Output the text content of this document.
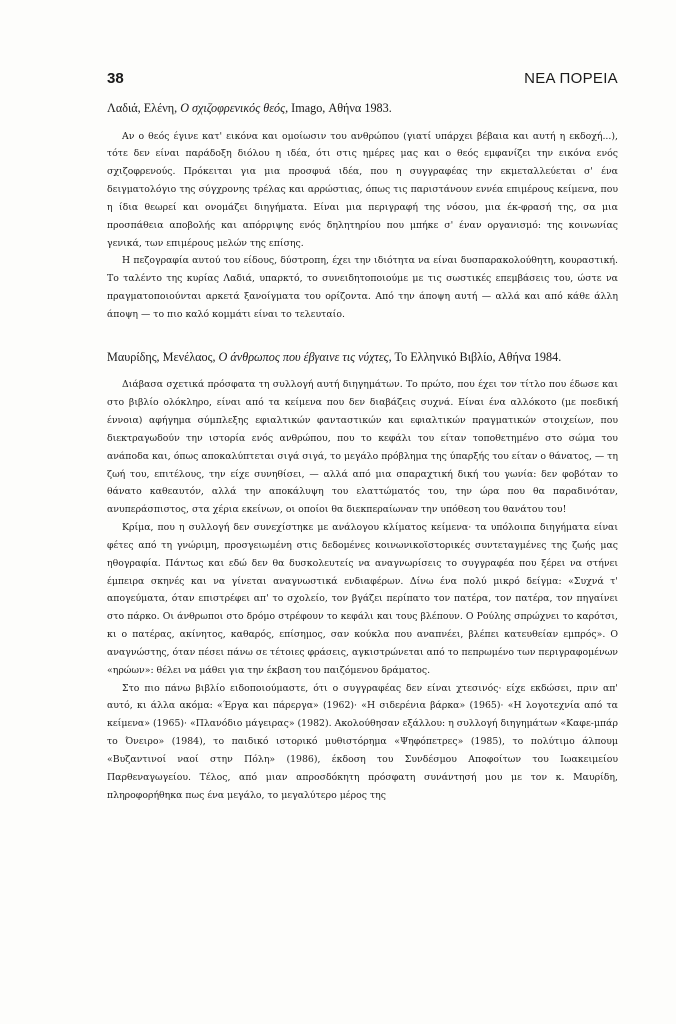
38	ΝΕΑ ΠΟΡΕΙΑ

Λαδιά, Ελένη, Ο σχιζοφρενικός θεός, Imago, Αθήνα 1983.

Αν ο θεός έγινε κατ' εικόνα και ομοίωσιν του ανθρώπου (γιατί υπάρχει βέβαια και αυτή η εκδοχή...), τότε δεν είναι παράδοξη διόλου η ιδέα, ότι στις ημέρες μας και ο θεός εμφανίζει την εικόνα ενός σχιζοφρενούς. Πρόκειται για μια προσφυά ιδέα, που η συγγραφέας την εκμεταλλεύεται σ' ένα δειγματολόγιο της σύγχρονης τρέλας και αρρώστιας, όπως τις παριστάνουν εννέα επιμέρους κείμενα, που η ίδια θεωρεί και ονομάζει διηγήματα. Είναι μια περιγραφή της νόσου, μια έκ-φρασή της, σα μια προσπάθεια αποβολής και απόρριψης ενός δηλητηρίου που μπήκε σ' έναν οργανισμό: της κοινωνίας γενικά, των επιμέρους μελών της επίσης.

Η πεζογραφία αυτού του είδους, δύστροπη, έχει την ιδιότητα να είναι δυσπαρακολούθητη, κουραστική. Το ταλέντο της κυρίας Λαδιά, υπαρκτό, το συνειδητοποιούμε με τις σωστικές επεμβάσεις του, ώστε να πραγματοποιούνται αρκετά ξανοίγματα του ορίζοντα. Από την άποψη αυτή — αλλά και από κάθε άλλη άποψη — το πιο καλό κομμάτι είναι το τελευταίο.

Μαυρίδης, Μενέλαος, Ο άνθρωπος που έβγαινε τις νύχτες, Το Ελληνικό Βιβλίο, Αθήνα 1984.

Διάβασα σχετικά πρόσφατα τη συλλογή αυτή διηγημάτων. Το πρώτο, που έχει τον τίτλο που έδωσε και στο βιβλίο ολόκληρο, είναι από τα κείμενα που δεν διαβάζεις συχνά. Είναι ένα αλλόκοτο (με ποεδική έννοια) αφήγημα σύμπλεξης εφιαλτικών φανταστικών και εφιαλτικών πραγματικών στοιχείων, που διεκτραγωδούν την ιστορία ενός ανθρώπου, που το κεφάλι του είταν τοποθετημένο στο σώμα του ανάποδα και, όπως αποκαλύπτεται σιγά σιγά, το μεγάλο πρόβλημα της ύπαρξής του είταν ο θάνατος, — τη ζωή του, επιτέλους, την είχε συνηθίσει, — αλλά από μια σπαραχτική δική του γωνία: δεν φοβόταν το θάνατο καθεαυτόν, αλλά την αποκάλυψη του ελαττώματός του, την ώρα που θα παραδινόταν, ανυπεράσπιστος, στα χέρια εκείνων, οι οποίοι θα διεκπεραίωναν την υπόθεση του θανάτου του!

Κρίμα, που η συλλογή δεν συνεχίστηκε με ανάλογου κλίματος κείμενα· τα υπόλοιπα διηγήματα είναι φέτες από τη γνώριμη, προσγειωμένη στις δεδομένες κοινωνικοϊστορικές συντεταγμένες της ζωής μας ηθογραφία. Πάντως και εδώ δεν θα δυσκολευτείς να αναγνωρίσεις το συγγραφέα που ξέρει να στήνει έμπειρα σκηνές και να γίνεται αναγνωστικά ενδιαφέρων. Δίνω ένα πολύ μικρό δείγμα: «Συχνά τ' απογεύματα, όταν επιστρέφει απ' το σχολείο, τον βγάζει περίπατο τον πατέρα, τον πατέρα, τον πηγαίνει στο πάρκο. Οι άνθρωποι στο δρόμο στρέφουν το κεφάλι και τους βλέπουν. Ο Ρούλης σπρώχνει το καρότσι, κι ο πατέρας, ακίνητος, καθαρός, επίσημος, σαν κούκλα που αναπνέει, βλέπει κατευθείαν εμπρός». Ο αναγνώστης, όταν πέσει πάνω σε τέτοιες φράσεις, αγκιστρώνεται από το πεπρωμένο των περιγραφομένων «ηρώων»: θέλει να μάθει για την έκβαση του παιζόμενου δράματος.

Στο πιο πάνω βιβλίο ειδοποιούμαστε, ότι ο συγγραφέας δεν είναι χτεσινός· είχε εκδώσει, πριν απ' αυτό, κι άλλα ακόμα: «Έργα και πάρεργα» (1962)· «Η σιδερένια βάρκα» (1965)· «Η λογοτεχνία από τα κείμενα» (1965)· «Πλανόδιο μάγειρας» (1982). Ακολούθησαν εξάλλου: η συλλογή διηγημάτων «Καφε-μπάρ το Όνειρο» (1984), το παιδικό ιστορικό μυθιστόρημα «Ψηφόπετρες» (1985), το πολύτιμο άλπουμ «Βυζαντινοί ναοί στην Πόλη» (1986), έκδοση του Συνδέσμου Αποφοίτων του Ιωακειμείου Παρθεναγωγείου. Τέλος, από μιαν απροσδόκητη πρόσφατη συνάντησή μου με τον κ. Μαυρίδη, πληροφορήθηκα πως ένα μεγάλο, το μεγαλύτερο μέρος της
